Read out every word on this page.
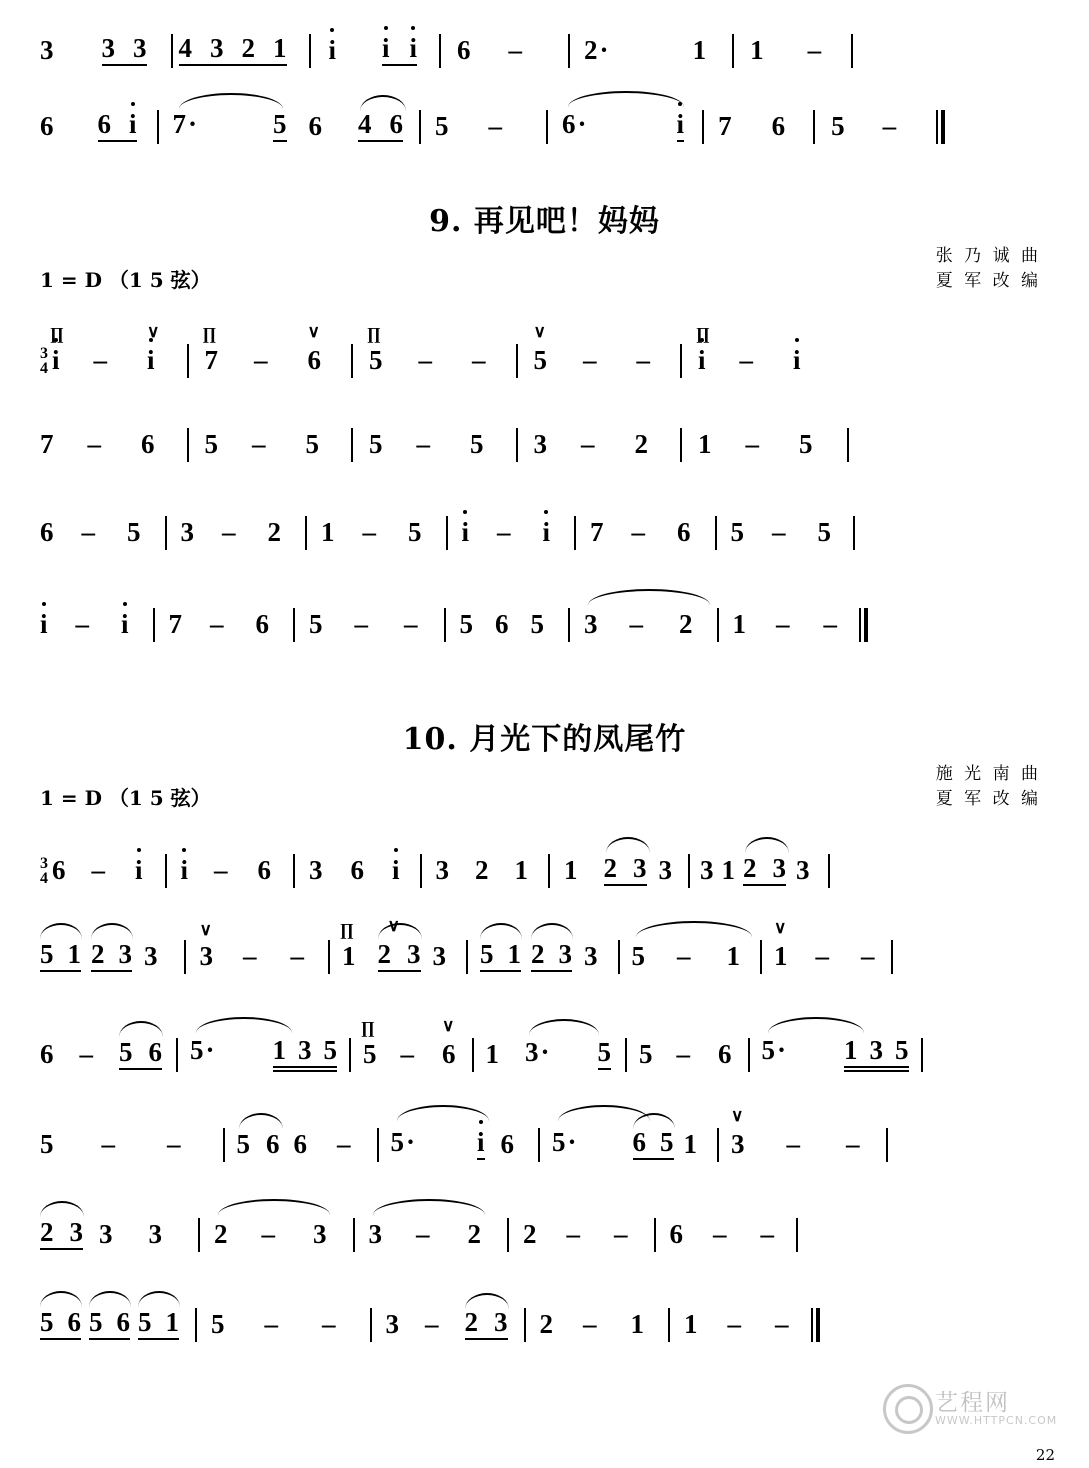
3 3 3 4 3 2 1 i i i 6 – 2 ·	1 1 –
6 6 i 7 ·	5 6 4 6 5 – 6 ·	i 7 6 5 –
9. 再见吧！妈妈
1 = D （1 5 弦）
张 乃 诚 曲
夏 军 改 编
3
4
∏ i –
∨ i
∏ 7 –
∨ 6
∏ 5 – –
∨ 5 – –
∏ i – i
7 – 6 5 – 5 5 – 5 3 – 2 1 – 5
6 – 5 3 – 2 1 – 5 i – i 7 – 6 5 – 5
i – i 7 – 6 5 – – 5 6 5 3 – 2 1 – –
10. 月光下的凤尾竹
1 = D （1 5 弦）
施 光 南 曲
夏 军 改 编
3
4 6 – i i – 6 3 6 i 3 2 1 1 2 3 3 3 1 2 3 3
5 1 2 3 3
∨ 3 – –
∏ 1
∨ 2 3 3 5 1 2 3 3 5 – 1
∨ 1 – –
6 – 5 6 5 ·	1 3 5
∏ 5 –
∨ 6 1 3 · 5 5 – 6 5 ·	1 3 5
5 – – 5 6 6 – 5 ·	i 6 5 · 6 5 1
∨ 3 – –
2 3 3 3 2 – 3 3 – 2 2 – – 6 – –
5 6 5 6 5 1 5 – – 3 – 2 3 2 – 1 1 – –
艺程网
WWW.HTTPCN.COM
22
